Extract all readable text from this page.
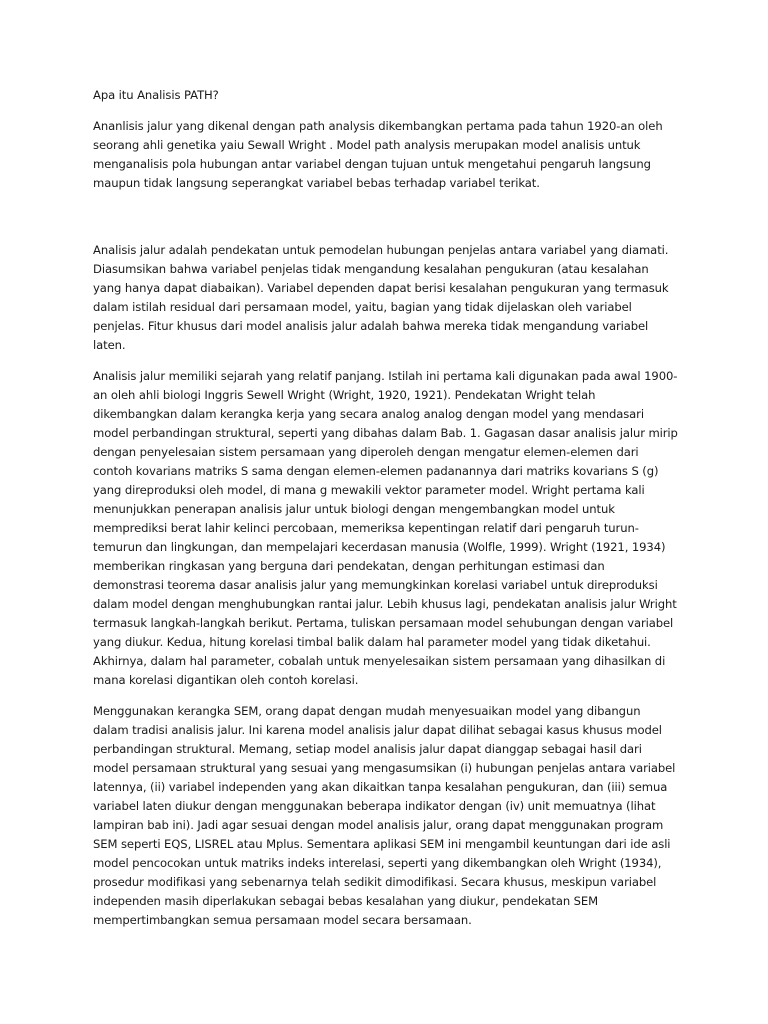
Apa itu Analisis PATH?
Ananlisis jalur yang dikenal dengan path analysis dikembangkan pertama pada tahun 1920-an oleh seorang ahli genetika yaiu Sewall Wright . Model path analysis merupakan model analisis untuk menganalisis pola hubungan antar variabel dengan tujuan untuk mengetahui pengaruh langsung maupun tidak langsung seperangkat variabel bebas terhadap variabel terikat.
Analisis jalur adalah pendekatan untuk pemodelan hubungan penjelas antara variabel yang diamati. Diasumsikan bahwa variabel penjelas tidak mengandung kesalahan pengukuran (atau kesalahan yang hanya dapat diabaikan). Variabel dependen dapat berisi kesalahan pengukuran yang termasuk dalam istilah residual dari persamaan model, yaitu, bagian yang tidak dijelaskan oleh variabel penjelas. Fitur khusus dari model analisis jalur adalah bahwa mereka tidak mengandung variabel laten.
Analisis jalur memiliki sejarah yang relatif panjang. Istilah ini pertama kali digunakan pada awal 1900-an oleh ahli biologi Inggris Sewell Wright (Wright, 1920, 1921). Pendekatan Wright telah dikembangkan dalam kerangka kerja yang secara analog analog dengan model yang mendasari model perbandingan struktural, seperti yang dibahas dalam Bab. 1. Gagasan dasar analisis jalur mirip dengan penyelesaian sistem persamaan yang diperoleh dengan mengatur elemen-elemen dari contoh kovarians matriks S sama dengan elemen-elemen padanannya dari matriks kovarians S (g) yang direproduksi oleh model, di mana g mewakili vektor parameter model. Wright pertama kali menunjukkan penerapan analisis jalur untuk biologi dengan mengembangkan model untuk memprediksi berat lahir kelinci percobaan, memeriksa kepentingan relatif dari pengaruh turun-temurun dan lingkungan, dan mempelajari kecerdasan manusia (Wolfle, 1999). Wright (1921, 1934) memberikan ringkasan yang berguna dari pendekatan, dengan perhitungan estimasi dan demonstrasi teorema dasar analisis jalur yang memungkinkan korelasi variabel untuk direproduksi dalam model dengan menghubungkan rantai jalur. Lebih khusus lagi, pendekatan analisis jalur Wright termasuk langkah-langkah berikut. Pertama, tuliskan persamaan model sehubungan dengan variabel yang diukur. Kedua, hitung korelasi timbal balik dalam hal parameter model yang tidak diketahui. Akhirnya, dalam hal parameter, cobalah untuk menyelesaikan sistem persamaan yang dihasilkan di mana korelasi digantikan oleh contoh korelasi.
Menggunakan kerangka SEM, orang dapat dengan mudah menyesuaikan model yang dibangun dalam tradisi analisis jalur. Ini karena model analisis jalur dapat dilihat sebagai kasus khusus model perbandingan struktural. Memang, setiap model analisis jalur dapat dianggap sebagai hasil dari model persamaan struktural yang sesuai yang mengasumsikan (i) hubungan penjelas antara variabel latennya, (ii) variabel independen yang akan dikaitkan tanpa kesalahan pengukuran, dan (iii) semua variabel laten diukur dengan menggunakan beberapa indikator dengan (iv) unit memuatnya (lihat lampiran bab ini). Jadi agar sesuai dengan model analisis jalur, orang dapat menggunakan program SEM seperti EQS, LISREL atau Mplus. Sementara aplikasi SEM ini mengambil keuntungan dari ide asli model pencocokan untuk matriks indeks interelasi, seperti yang dikembangkan oleh Wright (1934), prosedur modifikasi yang sebenarnya telah sedikit dimodifikasi. Secara khusus, meskipun variabel independen masih diperlakukan sebagai bebas kesalahan yang diukur, pendekatan SEM mempertimbangkan semua persamaan model secara bersamaan.
